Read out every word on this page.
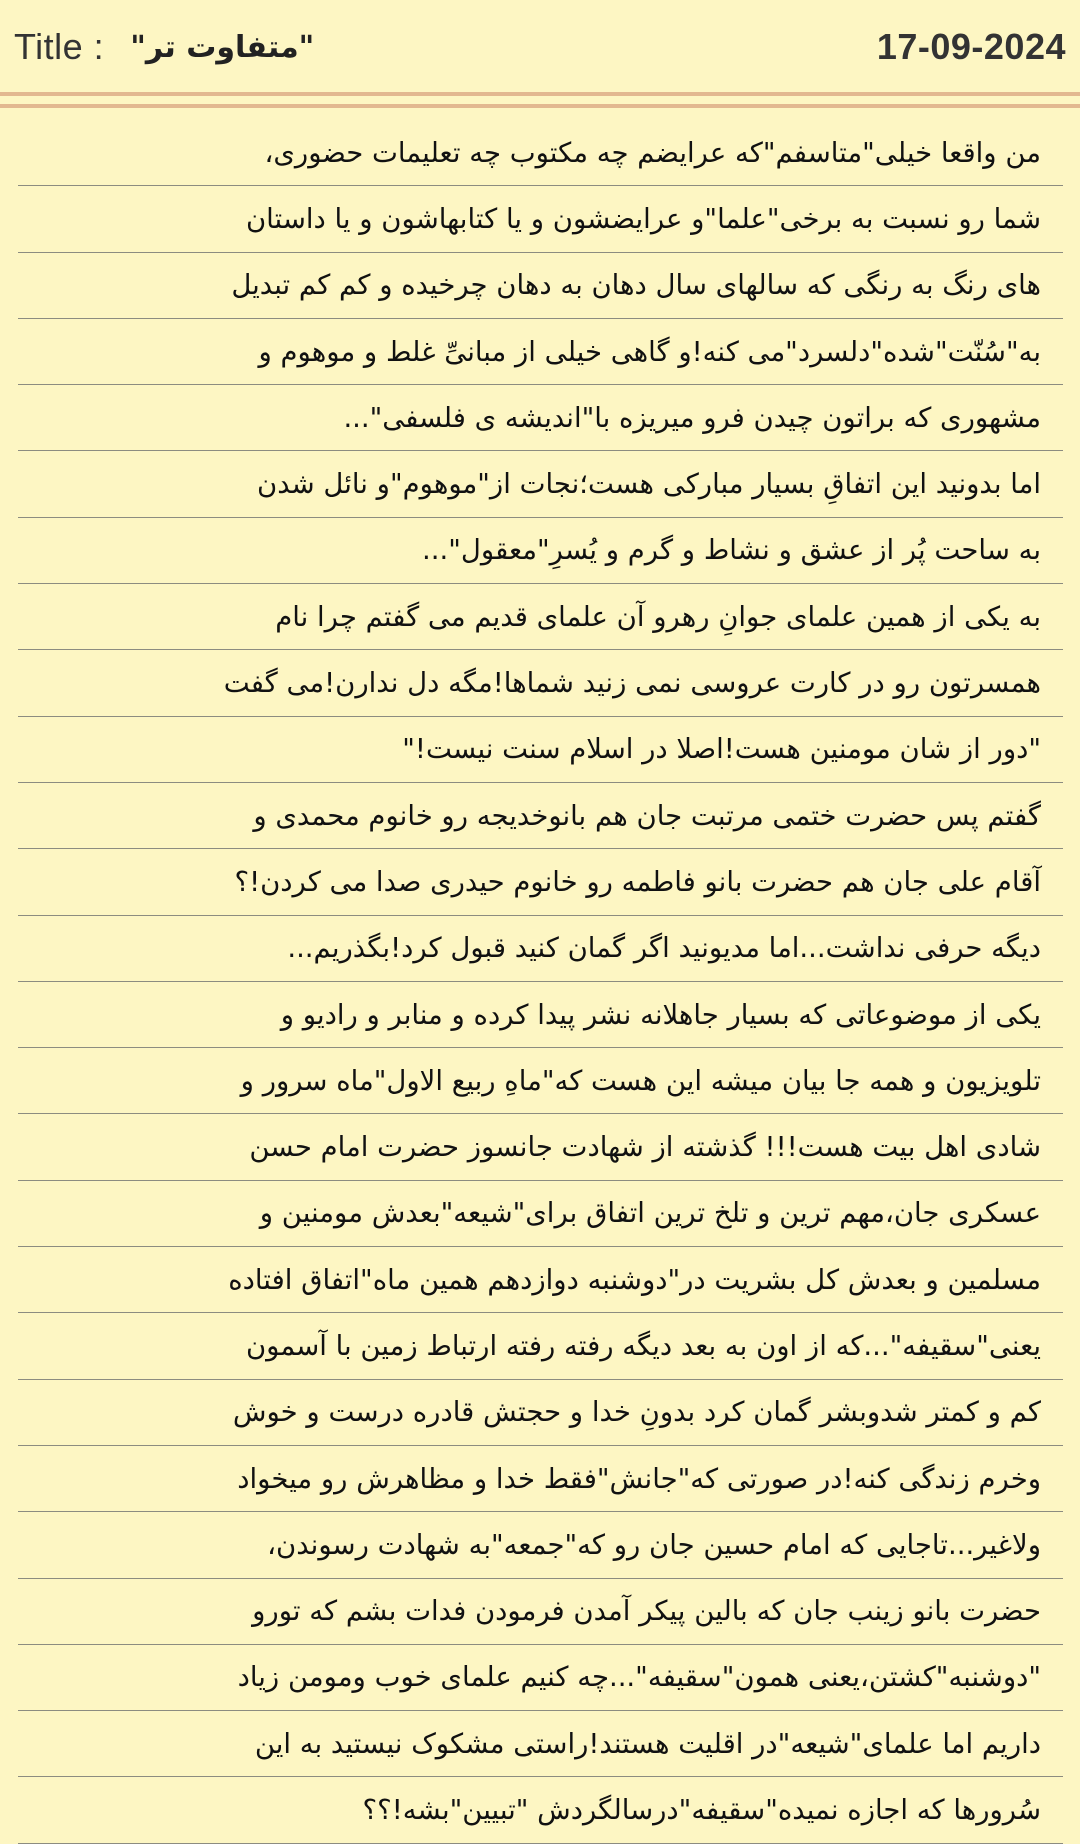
Title : "متفاوت تر"	17-09-2024
من واقعا خیلی"متاسفم"که عرایضم چه مکتوب چه تعلیمات حضوری،
شما رو نسبت به برخی"علما"و عرایضشون و یا کتابهاشون و یا داستان
های رنگ به رنگی که سالهای سال دهان به دهان چرخیده و کم کم تبدیل
به"سُنّت"شده"دلسرد"می کنه!و گاهی خیلی از مبانیِّ غلط و موهوم و
مشهوری که براتون چیدن فرو میریزه با"اندیشه ی فلسفی"...
اما بدونید این اتفاقِ بسیار مبارکی هست؛نجات از"موهوم"و نائل شدن
به ساحت پُر از عشق و نشاط و گرم و یُسرِ"معقول"...
به یکی از همین علمای جوانِ رهرو آن علمای قدیم می گفتم چرا نام
همسرتون رو در کارت عروسی نمی زنید شماها!مگه دل ندارن!می گفت
"دور از شان مومنین هست!اصلا در اسلام سنت نیست!"
گفتم پس حضرت ختمی مرتبت جان هم بانوخدیجه رو خانوم محمدی و
آقام علی جان هم حضرت بانو فاطمه رو خانوم حیدری صدا می کردن!؟
دیگه حرفی نداشت...اما مدیونید اگر گمان کنید قبول کرد!بگذریم...
یکی از موضوعاتی که بسیار جاهلانه نشر پیدا کرده و منابر و رادیو و
تلویزیون و همه جا بیان میشه این هست که"ماهِ ربیع الاول"ماه سرور و
شادی اهل بیت هست!!! گذشته از شهادت جانسوز حضرت امام حسن
عسکری جان،مهم ترین و تلخ ترین اتفاق برای"شیعه"بعدش مومنین و
مسلمین و بعدش کل بشریت در"دوشنبه دوازدهم همین ماه"اتفاق افتاده
یعنی"سقیفه"...که از اون به بعد دیگه رفته رفته ارتباط زمین با آسمون
کم و کمتر شدوبشر گمان کرد بدونِ خدا و حجتش قادره درست و خوش
وخرم زندگی کنه!در صورتی که"جانش"فقط خدا و مظاهرش رو میخواد
ولاغیر...تاجایی که امام حسین جان رو که"جمعه"به شهادت رسوندن،
حضرت بانو زینب جان که بالین پیکر آمدن فرمودن فدات بشم که تورو
"دوشنبه"کشتن،یعنی همون"سقیفه"...چه کنیم علمای خوب ومومن زیاد
داریم اما علمای"شیعه"در اقلیت هستند!راستی مشکوک نیستید به این
سُرورها که اجازه نمیده"سقیفه"درسالگردش "تبیین"بشه!؟؟
